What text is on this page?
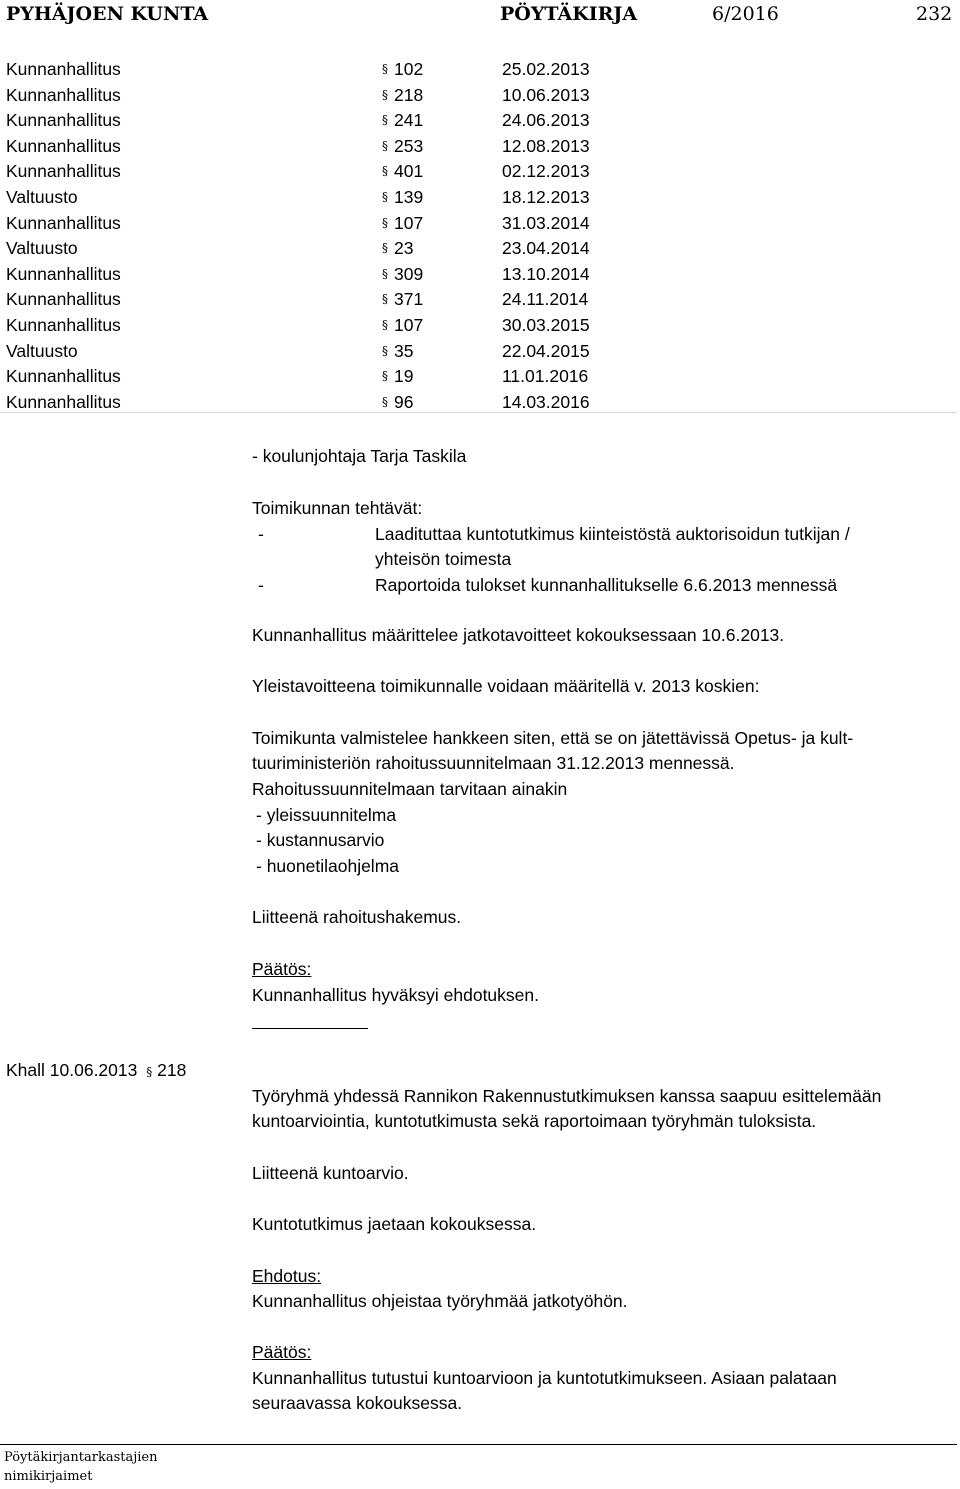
PYHÄJOEN KUNTA	PÖYTÄKIRJA	6/2016	232
Kunnanhallitus	§ 102	25.02.2013
Kunnanhallitus	§ 218	10.06.2013
Kunnanhallitus	§ 241	24.06.2013
Kunnanhallitus	§ 253	12.08.2013
Kunnanhallitus	§ 401	02.12.2013
Valtuusto	§ 139	18.12.2013
Kunnanhallitus	§ 107	31.03.2014
Valtuusto	§ 23	23.04.2014
Kunnanhallitus	§ 309	13.10.2014
Kunnanhallitus	§ 371	24.11.2014
Kunnanhallitus	§ 107	30.03.2015
Valtuusto	§ 35	22.04.2015
Kunnanhallitus	§ 19	11.01.2016
Kunnanhallitus	§ 96	14.03.2016
- koulunjohtaja Tarja Taskila
Toimikunnan tehtävät:
-	Laadituttaa kuntotutkimus kiinteistöstä auktorisoidun tutkijan /
yhteisön toimesta
-	Raportoida tulokset kunnanhallitukselle 6.6.2013 mennessä
Kunnanhallitus määrittelee jatkotavoitteet kokouksessaan 10.6.2013.
Yleistavoitteena toimikunnalle voidaan määritellä v. 2013 koskien:
Toimikunta valmistelee hankkeen siten, että se on jätettävissä Opetus- ja kult-
tuuriministeriön rahoitussuunnitelmaan 31.12.2013 mennessä.
Rahoitussuunnitelmaan tarvitaan ainakin
- yleissuunnitelma
- kustannusarvio
- huonetilaohjelma
Liitteenä rahoitushakemus.
Päätös:
Kunnanhallitus hyväksyi ehdotuksen.
Khall 10.06.2013 § 218
Työryhmä yhdessä Rannikon Rakennustutkimuksen kanssa saapuu esittelemään
kuntoarviointia, kuntotutkimusta sekä raportoimaan työryhmän tuloksista.
Liitteenä kuntoarvio.
Kuntotutkimus jaetaan kokouksessa.
Ehdotus:
Kunnanhallitus ohjeistaa työryhmää jatkotyöhön.
Päätös:
Kunnanhallitus tutustui kuntoarvioon ja kuntotutkimukseen. Asiaan palataan
seuraavassa kokouksessa.
Pöytäkirjantarkastajien
nimikirjaimet
